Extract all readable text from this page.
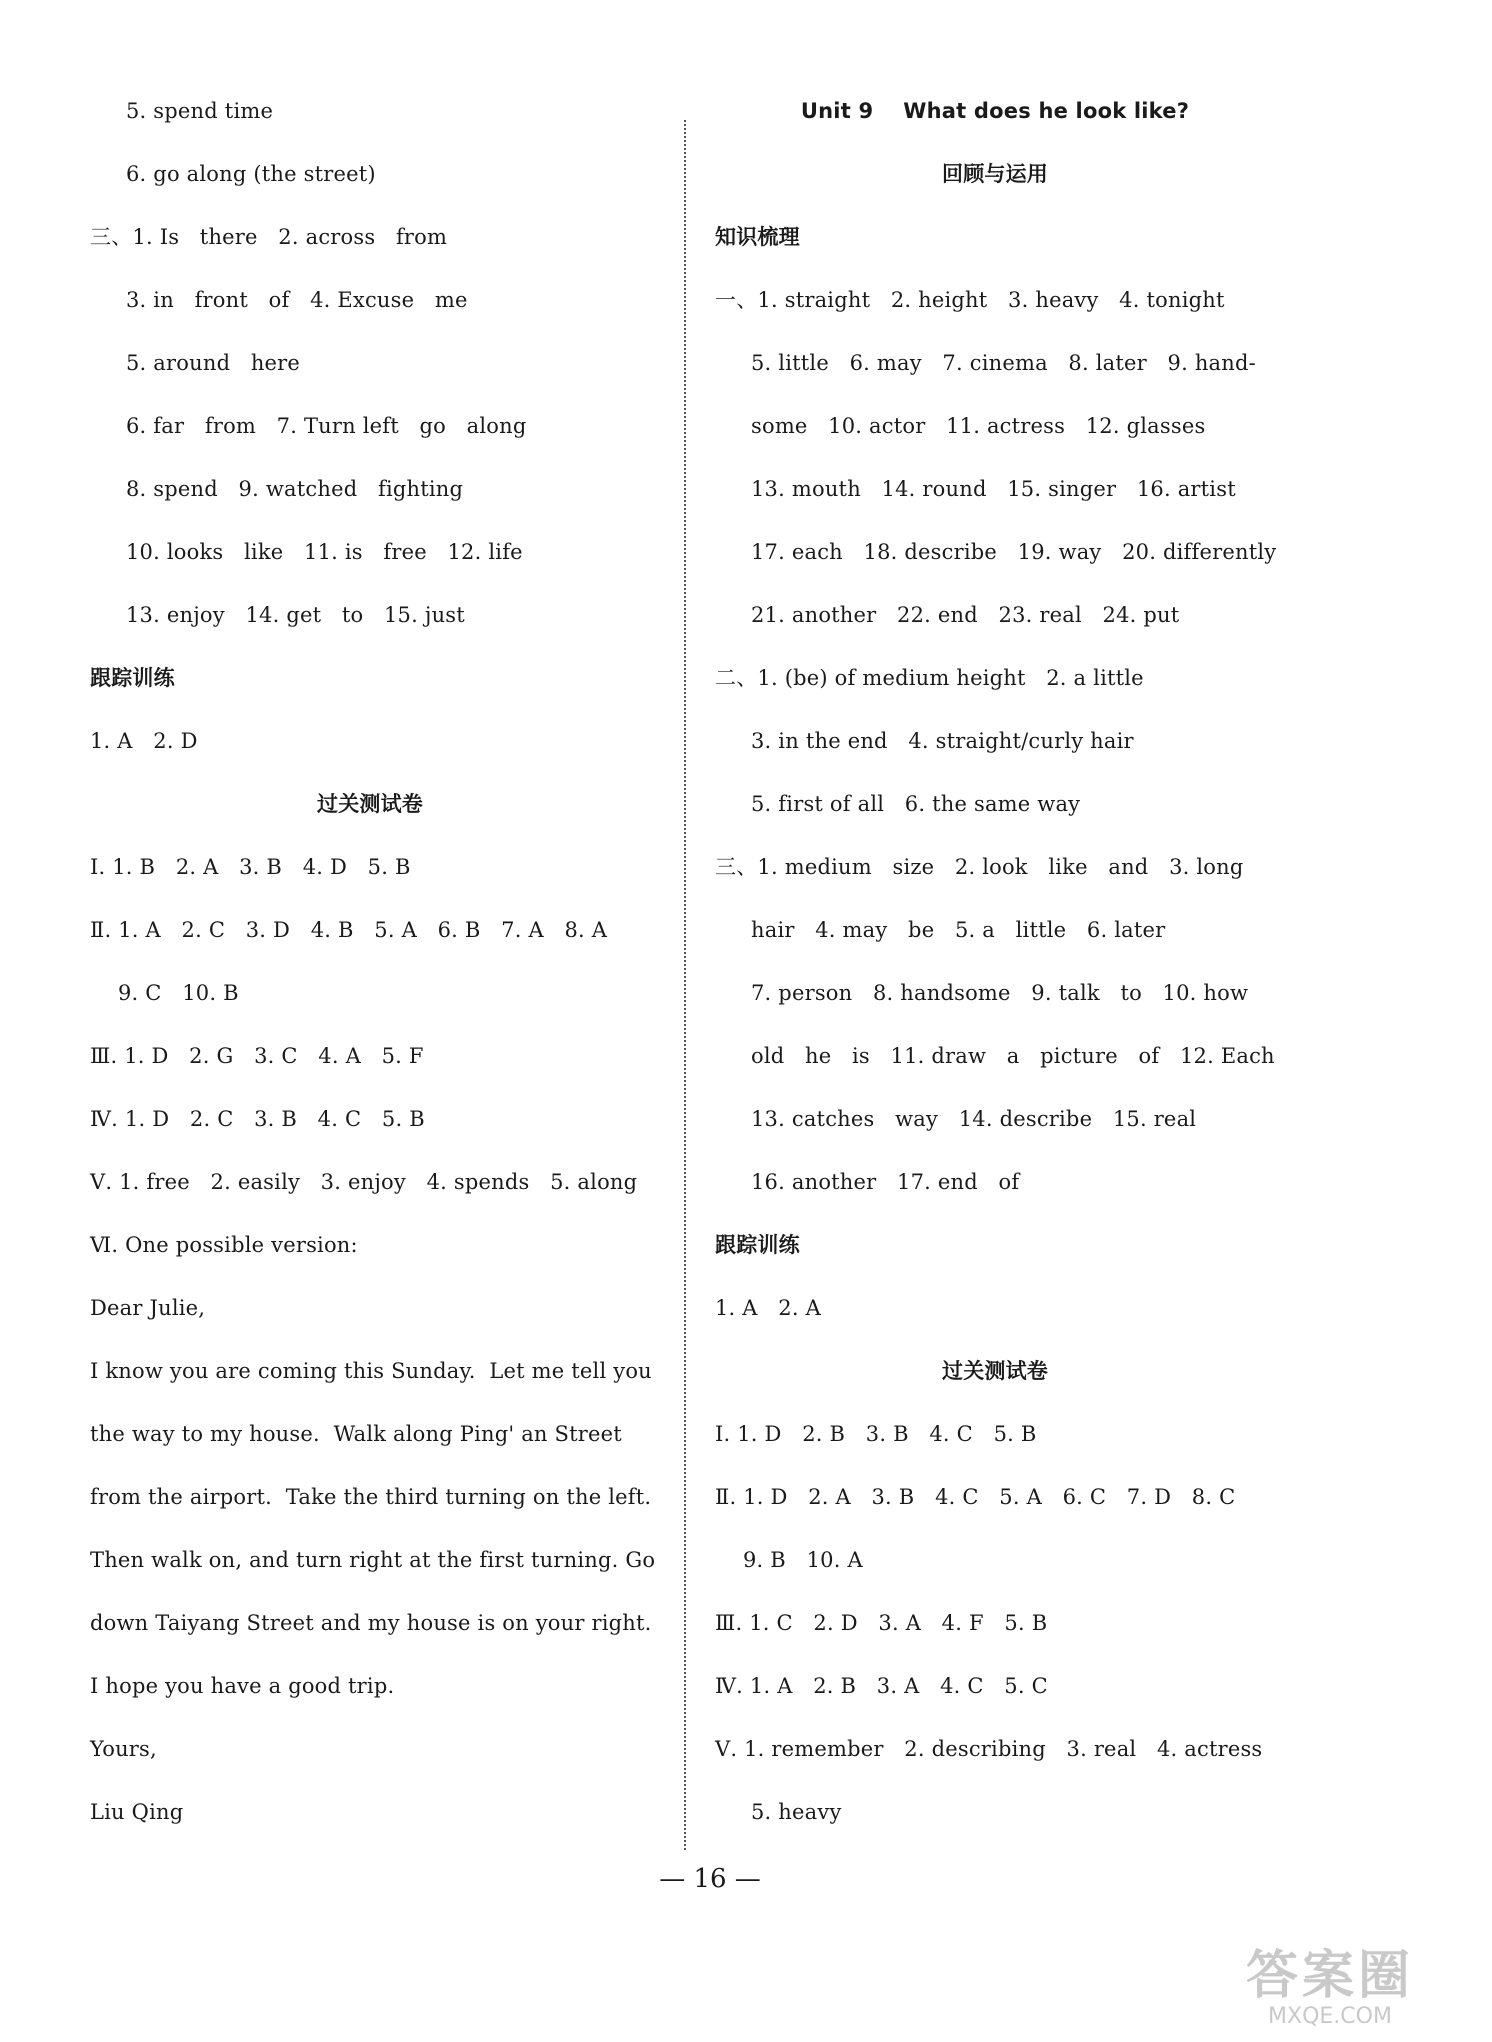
5. spend time
6. go along (the street)
三、1. Is   there   2. across   from
3. in   front   of   4. Excuse   me
5. around   here
6. far   from   7. Turn left   go   along
8. spend   9. watched   fighting
10. looks   like   11. is   free   12. life
13. enjoy   14. get   to   15. just
跟踪训练
1. A   2. D
过关测试卷
Ⅰ. 1. B   2. A   3. B   4. D   5. B
Ⅱ. 1. A   2. C   3. D   4. B   5. A   6. B   7. A   8. A
9. C   10. B
Ⅲ. 1. D   2. G   3. C   4. A   5. F
Ⅳ. 1. D   2. C   3. B   4. C   5. B
Ⅴ. 1. free   2. easily   3. enjoy   4. spends   5. along
Ⅵ. One possible version:
Dear Julie,
I know you are coming this Sunday.  Let me tell you
the way to my house.  Walk along Ping' an Street
from the airport.  Take the third turning on the left.
Then walk on, and turn right at the first turning. Go
down Taiyang Street and my house is on your right.
I hope you have a good trip.
Yours,
Liu Qing
Unit 9    What does he look like?
回顾与运用
知识梳理
一、1. straight   2. height   3. heavy   4. tonight
5. little   6. may   7. cinema   8. later   9. hand-
some   10. actor   11. actress   12. glasses
13. mouth   14. round   15. singer   16. artist
17. each   18. describe   19. way   20. differently
21. another   22. end   23. real   24. put
二、1. (be) of medium height   2. a little
3. in the end   4. straight/curly hair
5. first of all   6. the same way
三、1. medium   size   2. look   like   and   3. long
hair   4. may   be   5. a   little   6. later
7. person   8. handsome   9. talk   to   10. how
old   he   is   11. draw   a   picture   of   12. Each
13. catches   way   14. describe   15. real
16. another   17. end   of
跟踪训练
1. A   2. A
过关测试卷
Ⅰ. 1. D   2. B   3. B   4. C   5. B
Ⅱ. 1. D   2. A   3. B   4. C   5. A   6. C   7. D   8. C
9. B   10. A
Ⅲ. 1. C   2. D   3. A   4. F   5. B
Ⅳ. 1. A   2. B   3. A   4. C   5. C
Ⅴ. 1. remember   2. describing   3. real   4. actress
5. heavy
— 16 —
答案圈
MXQE.COM
